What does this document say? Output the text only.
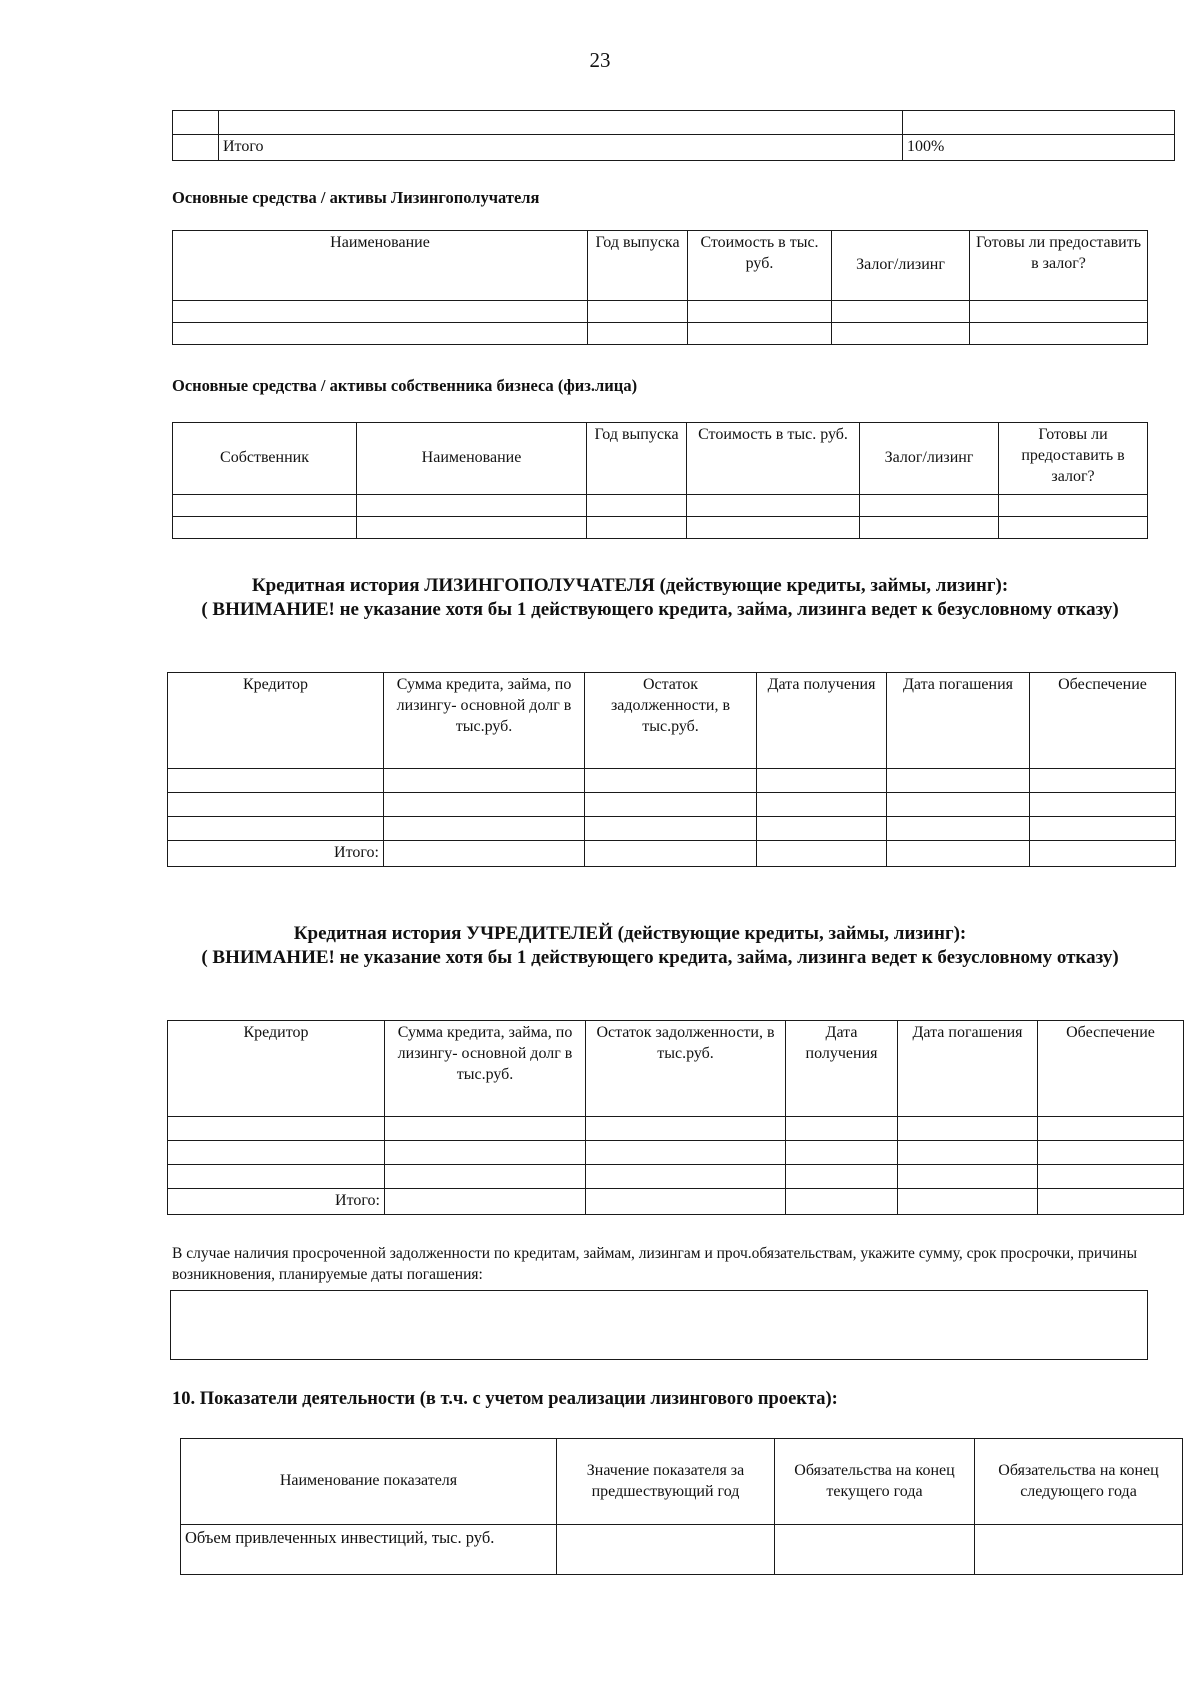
23

	Итого	100%
Основные средства / активы Лизингополучателя
Наименование	Год выпуска	Стоимость в тыс. руб.	Залог/лизинг	Готовы ли предоставить в залог?

Основные средства / активы собственника бизнеса (физ.лица)
Собственник	Наименование	Год выпуска	Стоимость в тыс. руб.	Залог/лизинг	Готовы ли предоставить в залог?

Кредитная история ЛИЗИНГОПОЛУЧАТЕЛЯ (действующие кредиты, займы, лизинг):
( ВНИМАНИЕ! не указание хотя бы 1 действующего кредита, займа, лизинга ведет к безусловному отказу)
Кредитор	Сумма кредита, займа, по лизингу- основной долг в тыс.руб.	Остаток задолженности, в тыс.руб.	Дата получения	Дата погашения	Обеспечение

Итого:					
Кредитная история УЧРЕДИТЕЛЕЙ (действующие кредиты, займы, лизинг):
( ВНИМАНИЕ! не указание хотя бы 1 действующего кредита, займа, лизинга ведет к безусловному отказу)
Кредитор	Сумма кредита, займа, по лизингу- основной долг в тыс.руб.	Остаток задолженности, в тыс.руб.	Дата получения	Дата погашения	Обеспечение

Итого:					
В случае наличия просроченной задолженности по кредитам, займам, лизингам и проч.обязательствам, укажите сумму, срок просрочки, причины возникновения, планируемые даты погашения:
10. Показатели деятельности (в т.ч. с учетом реализации лизингового проекта):
Наименование показателя	Значение показателя за предшествующий год	Обязательства на конец текущего года	Обязательства на конец следующего года
Объем привлеченных инвестиций, тыс. руб.			
